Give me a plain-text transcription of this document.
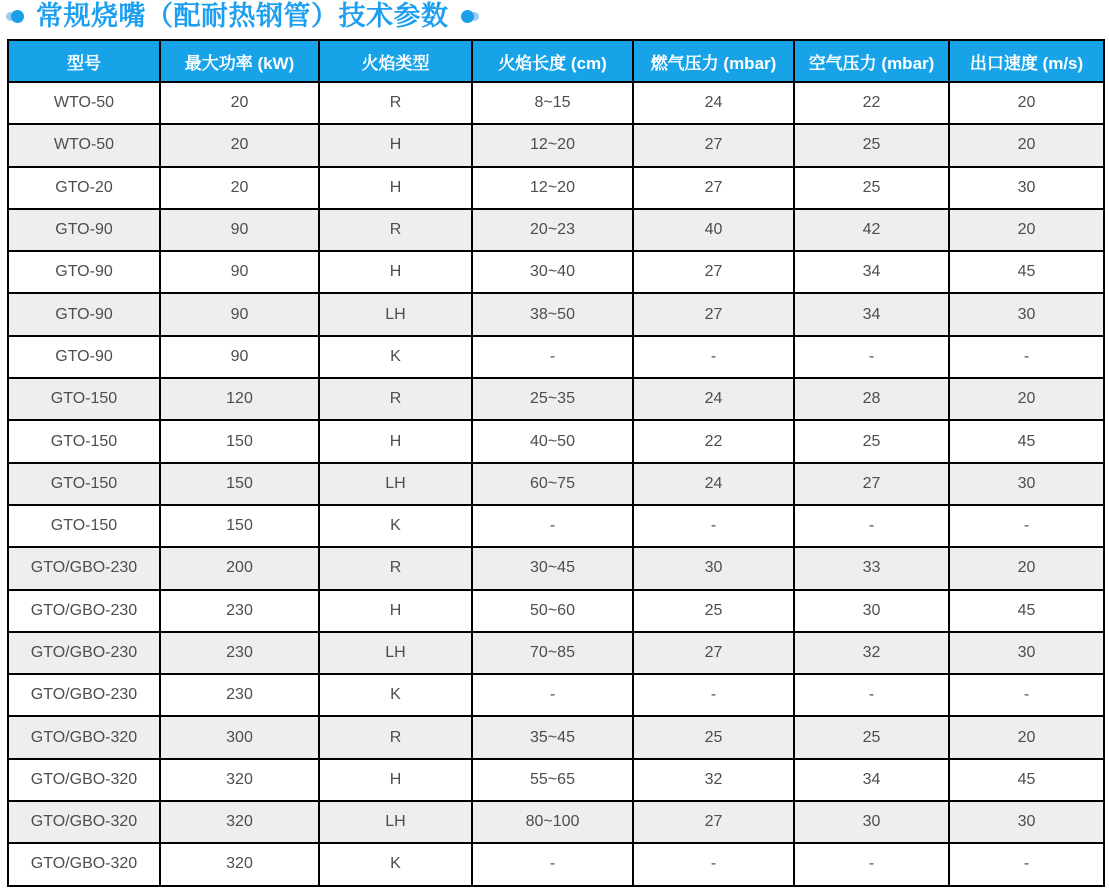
常规烧嘴（配耐热钢管）技术参数
型号	最大功率 (kW)	火焰类型	火焰长度 (cm)	燃气压力 (mbar)	空气压力 (mbar)	出口速度 (m/s)
WTO-50	20	R	8~15	24	22	20
WTO-50	20	H	12~20	27	25	20
GTO-20	20	H	12~20	27	25	30
GTO-90	90	R	20~23	40	42	20
GTO-90	90	H	30~40	27	34	45
GTO-90	90	LH	38~50	27	34	30
GTO-90	90	K	-	-	-	-
GTO-150	120	R	25~35	24	28	20
GTO-150	150	H	40~50	22	25	45
GTO-150	150	LH	60~75	24	27	30
GTO-150	150	K	-	-	-	-
GTO/GBO-230	200	R	30~45	30	33	20
GTO/GBO-230	230	H	50~60	25	30	45
GTO/GBO-230	230	LH	70~85	27	32	30
GTO/GBO-230	230	K	-	-	-	-
GTO/GBO-320	300	R	35~45	25	25	20
GTO/GBO-320	320	H	55~65	32	34	45
GTO/GBO-320	320	LH	80~100	27	30	30
GTO/GBO-320	320	K	-	-	-	-
